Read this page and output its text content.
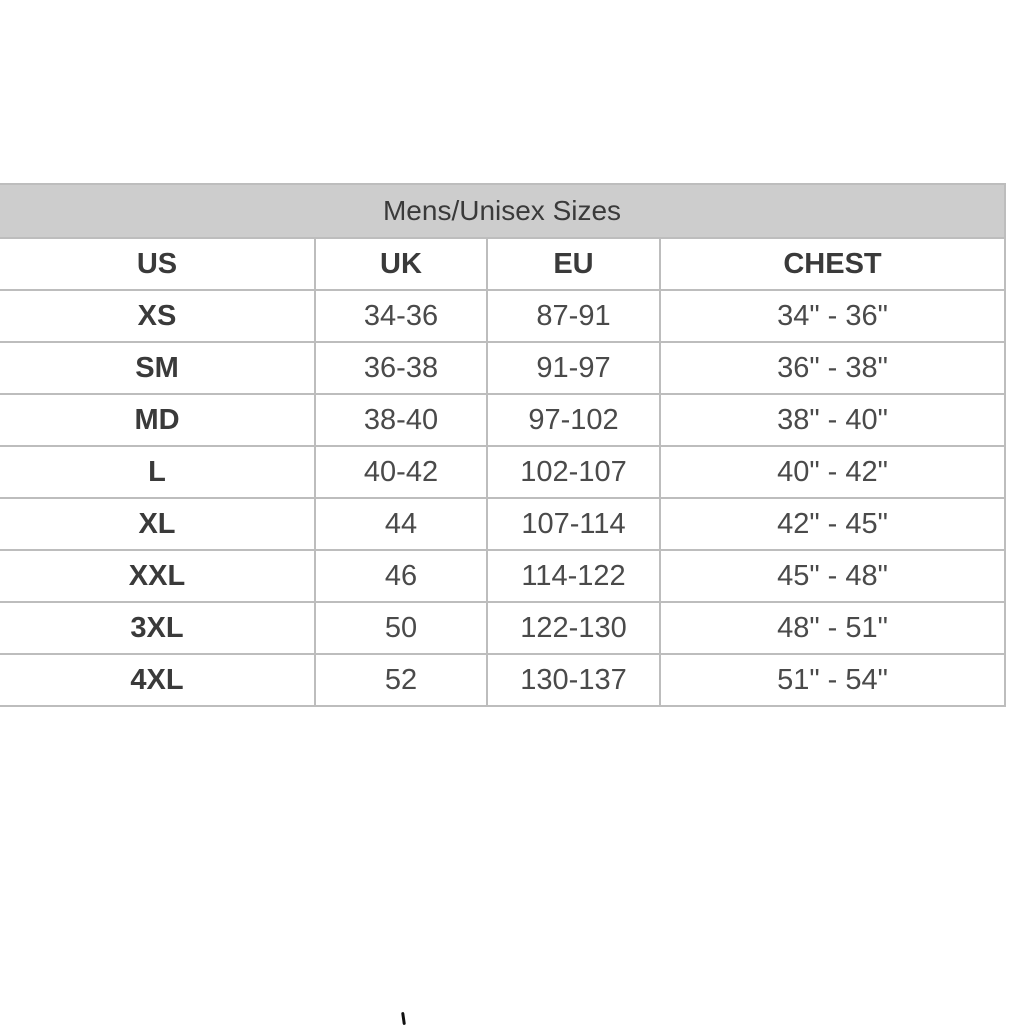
Mens/Unisex Sizes			
US	UK	EU	CHEST
XS	34-36	87-91	34" - 36"
SM	36-38	91-97	36" - 38"
MD	38-40	97-102	38" - 40"
L	40-42	102-107	40" - 42"
XL	44	107-114	42" - 45"
XXL	46	114-122	45" - 48"
3XL	50	122-130	48" - 51"
4XL	52	130-137	51" - 54"
